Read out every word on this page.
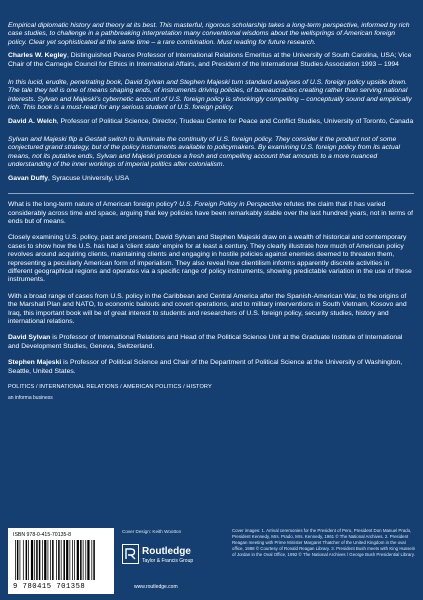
Empirical diplomatic history and theory at its best. This masterful, rigorous scholarship takes a long-term perspective, informed by rich case studies, to challenge in a pathbreaking interpretation many conventional wisdoms about the wellsprings of American foreign policy. Clear yet sophisticated at the same time – a rare combination. Must reading for future research.

Charles W. Kegley, Distinguished Pearce Professor of International Relations Emeritus at the University of South Carolina, USA; Vice Chair of the Carnegie Council for Ethics in International Affairs, and President of the International Studies Association 1993 – 1994

In this lucid, erudite, penetrating book, David Sylvan and Stephen Majeski turn standard analyses of U.S. foreign policy upside down. The tale they tell is one of means shaping ends, of instruments driving policies, of bureaucracies creating rather than serving national interests. Sylvan and Majeski's cybernetic account of U.S. foreign policy is shockingly compelling – conceptually sound and empirically rich. This book is a must-read for any serious student of U.S. foreign policy.

David A. Welch, Professor of Political Science, Director, Trudeau Centre for Peace and Conflict Studies, University of Toronto, Canada

Sylvan and Majeski flip a Gestalt switch to illuminate the continuity of U.S. foreign policy. They consider it the product not of some conjectured grand strategy, but of the policy instruments available to policymakers. By examining U.S. foreign policy from its actual means, not its putative ends, Sylvan and Majeski produce a fresh and compelling account that amounts to a more nuanced understanding of the inner workings of imperial politics after colonialism.

Gavan Duffy, Syracuse University, USA

What is the long-term nature of American foreign policy? U.S. Foreign Policy in Perspective refutes the claim that it has varied considerably across time and space, arguing that key policies have been remarkably stable over the last hundred years, not in terms of ends but of means.

Closely examining U.S. policy, past and present, David Sylvan and Stephen Majeski draw on a wealth of historical and contemporary cases to show how the U.S. has had a ‘client state’ empire for at least a century. They clearly illustrate how much of American policy revolves around acquiring clients, maintaining clients and engaging in hostile policies against enemies deemed to threaten them, representing a peculiarly American form of imperialism. They also reveal how clientilism informs apparently discrete activities in different geographical regions and operates via a specific range of policy instruments, showing predictable variation in the use of these instruments.

With a broad range of cases from U.S. policy in the Caribbean and Central America after the Spanish-American War, to the origins of the Marshall Plan and NATO, to economic bailouts and covert operations, and to military interventions in South Vietnam, Kosovo and Iraq, this important book will be of great interest to students and researchers of U.S. foreign policy, security studies, history and international relations.

David Sylvan is Professor of International Relations and Head of the Political Science Unit at the Graduate Institute of International and Development Studies, Geneva, Switzerland.

Stephen Majeski is Professor of Political Science and Chair of the Department of Political Science at the University of Washington, Seattle, United States.

POLITICS / INTERNATIONAL RELATIONS / AMERICAN POLITICS / HISTORY

an informa business

ISBN 978-0-415-70135-8
9 780415 701358
Cover Design: Keith Wootton
Routledge
Taylor & Francis Group
www.routledge.com
Cover images: 1. Arrival ceremonies for the President of Peru, President Don Manuel Prado, President Kennedy, Mrs. Prado, Mrs. Kennedy, 1961 © The National Archives. 2. President Reagan meeting with Prime Minister Margaret Thatcher of the United Kingdom in the oval office, 1988 © Courtesy of Ronald Reagan Library. 3. President Bush meets with King Hussein of Jordan in the Oval Office, 1992 © The National Archives / George Bush Presidential Library.
